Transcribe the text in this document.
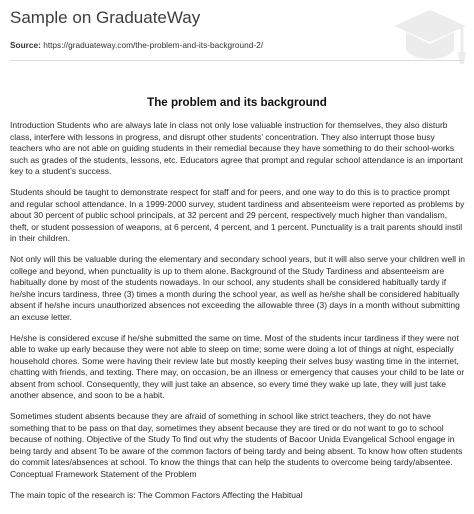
Sample on GraduateWay
Source: https://graduateway.com/the-problem-and-its-background-2/
The problem and its background

Introduction Students who are always late in class not only lose valuable instruction for themselves, they also disturb class, interfere with lessons in progress, and disrupt other students’ concentration. They also interrupt those busy teachers who are not able on guiding students in their remedial because they have something to do their school-works such as grades of the students, lessons, etc. Educators agree that prompt and regular school attendance is an important key to a student’s success.

Students should be taught to demonstrate respect for staff and for peers, and one way to do this is to practice prompt and regular school attendance. In a 1999-2000 survey, student tardiness and absenteeism were reported as problems by about 30 percent of public school principals, at 32 percent and 29 percent, respectively much higher than vandalism, theft, or student possession of weapons, at 6 percent, 4 percent, and 1 percent. Punctuality is a trait parents should instil in their children.

Not only will this be valuable during the elementary and secondary school years, but it will also serve your children well in college and beyond, when punctuality is up to them alone. Background of the Study Tardiness and absenteeism are habitually done by most of the students nowadays. In our school, any students shall be considered habitually tardy if he/she incurs tardiness, three (3) times a month during the school year, as well as he/she shall be considered habitually absent if he/she incurs unauthorized absences not exceeding the allowable three (3) days in a month without submitting an excuse letter.

He/she is considered excuse if he/she submitted the same on time. Most of the students incur tardiness if they were not able to wake up early because they were not able to sleep on time; some were doing a lot of things at night, especially household chores. Some were having their review late but mostly keeping their selves busy wasting time in the internet, chatting with friends, and texting. There may, on occasion, be an illness or emergency that causes your child to be late or absent from school. Consequently, they will just take an absence, so every time they wake up late, they will just take another absence, and soon to be a habit.

Sometimes student absents because they are afraid of something in school like strict teachers, they do not have something that to be pass on that day, sometimes they absent because they are tired or do not want to go to school because of nothing. Objective of the Study To find out why the students of Bacoor Unida Evangelical School engage in being tardy and absent To be aware of the common factors of being tardy and being absent. To know how often students do commit lates/absences at school. To know the things that can help the students to overcome being tardy/absentee. Conceptual Framework Statement of the Problem

The main topic of the research is: The Common Factors Affecting the Habitual
